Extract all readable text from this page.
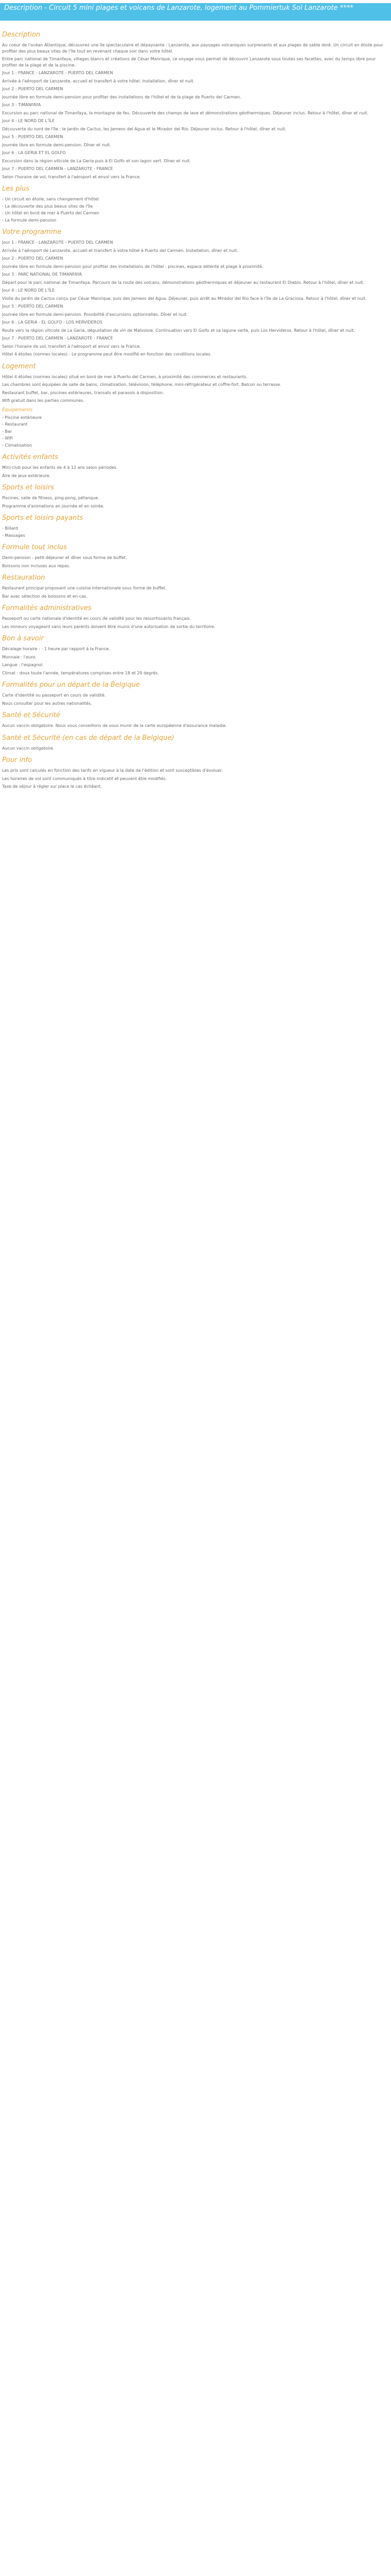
Description - Circuit 5 mini plages et volcans de Lanzarote, logement au Pommiertuk Sol Lanzarote ****
Description
Au coeur de l'océan Atlantique, découvrez une île spectaculaire et dépaysante : Lanzarote, aux paysages volcaniques surprenants et aux plages de sable doré. Un circuit en étoile pour profiter des plus beaux sites de l'île tout en revenant chaque soir dans votre hôtel.
Entre parc national de Timanfaya, villages blancs et créations de César Manrique, ce voyage vous permet de découvrir Lanzarote sous toutes ses facettes, avec du temps libre pour profiter de la plage et de la piscine.
Jour 1 : FRANCE - LANZAROTE - PUERTO DEL CARMEN
Arrivée à l'aéroport de Lanzarote, accueil et transfert à votre hôtel. Installation, dîner et nuit.
Jour 2 : PUERTO DEL CARMEN
Journée libre en formule demi-pension pour profiter des installations de l'hôtel et de la plage de Puerto del Carmen.
Jour 3 : TIMANFAYA
Excursion au parc national de Timanfaya, la montagne de feu. Découverte des champs de lave et démonstrations géothermiques. Déjeuner inclus. Retour à l'hôtel, dîner et nuit.
Jour 4 : LE NORD DE L'ÎLE
Découverte du nord de l'île : le Jardin de Cactus, les Jameos del Agua et le Mirador del Río. Déjeuner inclus. Retour à l'hôtel, dîner et nuit.
Jour 5 : PUERTO DEL CARMEN
Journée libre en formule demi-pension. Dîner et nuit.
Jour 6 : LA GERIA ET EL GOLFO
Excursion dans la région viticole de La Geria puis à El Golfo et son lagon vert. Dîner et nuit.
Jour 7 : PUERTO DEL CARMEN - LANZAROTE - FRANCE
Selon l'horaire de vol, transfert à l'aéroport et envol vers la France.
Les plus
- Un circuit en étoile, sans changement d'hôtel
- La découverte des plus beaux sites de l'île
- Un hôtel en bord de mer à Puerto del Carmen
- La formule demi-pension
Votre programme
Jour 1 : FRANCE - LANZAROTE - PUERTO DEL CARMEN
Arrivée à l'aéroport de Lanzarote, accueil et transfert à votre hôtel à Puerto del Carmen. Installation, dîner et nuit.
Jour 2 : PUERTO DEL CARMEN
Journée libre en formule demi-pension pour profiter des installations de l'hôtel : piscines, espace détente et plage à proximité.
Jour 3 : PARC NATIONAL DE TIMANFAYA
Départ pour le parc national de Timanfaya. Parcours de la route des volcans, démonstrations géothermiques et déjeuner au restaurant El Diablo. Retour à l'hôtel, dîner et nuit.
Jour 4 : LE NORD DE L'ÎLE
Visite du Jardin de Cactus conçu par César Manrique, puis des Jameos del Agua. Déjeuner, puis arrêt au Mirador del Río face à l'île de La Graciosa. Retour à l'hôtel, dîner et nuit.
Jour 5 : PUERTO DEL CARMEN
Journée libre en formule demi-pension. Possibilité d'excursions optionnelles. Dîner et nuit.
Jour 6 : LA GERIA - EL GOLFO - LOS HERVIDEROS
Route vers la région viticole de La Geria, dégustation de vin de Malvoisie. Continuation vers El Golfo et sa lagune verte, puis Los Hervideros. Retour à l'hôtel, dîner et nuit.
Jour 7 : PUERTO DEL CARMEN - LANZAROTE - FRANCE
Selon l'horaire de vol, transfert à l'aéroport et envol vers la France.
Hôtel 4 étoiles (normes locales) - Le programme peut être modifié en fonction des conditions locales.
Logement
Hôtel 4 étoiles (normes locales) situé en bord de mer à Puerto del Carmen, à proximité des commerces et restaurants.
Les chambres sont équipées de salle de bains, climatisation, télévision, téléphone, mini-réfrigérateur et coffre-fort. Balcon ou terrasse.
Restaurant buffet, bar, piscines extérieures, transats et parasols à disposition.
Wifi gratuit dans les parties communes.
Équipements
- Piscine extérieure
- Restaurant
- Bar
- Wifi
- Climatisation
Activités enfants
Mini-club pour les enfants de 4 à 12 ans selon périodes.
Aire de jeux extérieure.
Sports et loisirs
Piscines, salle de fitness, ping-pong, pétanque.
Programme d'animations en journée et en soirée.
Sports et loisirs payants
- Billard
- Massages
Formule tout inclus
Demi-pension : petit-déjeuner et dîner sous forme de buffet.
Boissons non incluses aux repas.
Restauration
Restaurant principal proposant une cuisine internationale sous forme de buffet.
Bar avec sélection de boissons et en-cas.
Formalités administratives
Passeport ou carte nationale d'identité en cours de validité pour les ressortissants français.
Les mineurs voyageant sans leurs parents doivent être munis d'une autorisation de sortie du territoire.
Bon à savoir
Décalage horaire : - 1 heure par rapport à la France.
Monnaie : l'euro.
Langue : l'espagnol.
Climat : doux toute l'année, températures comprises entre 18 et 29 degrés.
Formalités pour un départ de la Belgique
Carte d'identité ou passeport en cours de validité.
Nous consulter pour les autres nationalités.
Santé et Sécurité
Aucun vaccin obligatoire. Nous vous conseillons de vous munir de la carte européenne d'assurance maladie.
Santé et Sécurité (en cas de départ de la Belgique)
Aucun vaccin obligatoire.
Pour info
Les prix sont calculés en fonction des tarifs en vigueur à la date de l'édition et sont susceptibles d'évoluer.
Les horaires de vol sont communiqués à titre indicatif et peuvent être modifiés.
Taxe de séjour à régler sur place le cas échéant.
